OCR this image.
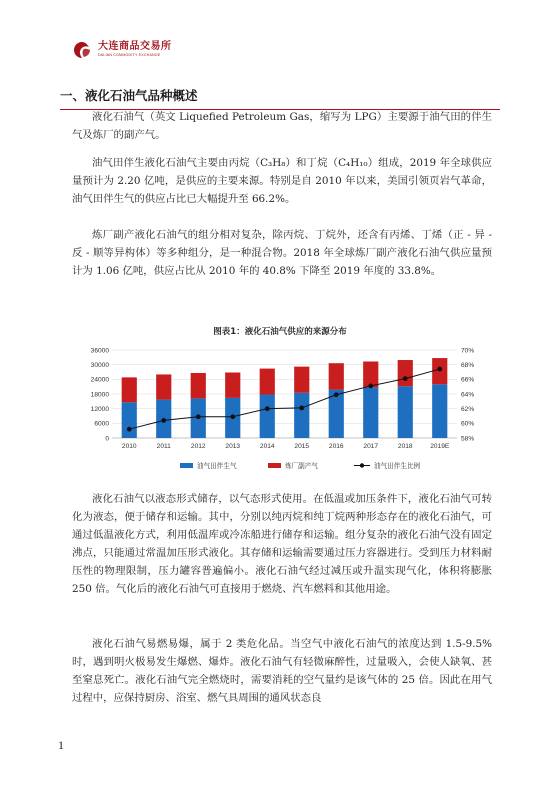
大连商品交易所
DALIAN COMMODITY EXCHANGE
一、液化石油气品种概述

液化石油气（英文 Liquefied Petroleum Gas，缩写为 LPG）主要源于油气田的伴生气及炼厂的副产气。

油气田伴生液化石油气主要由丙烷（C₃H₈）和丁烷（C₄H₁₀）组成，2019 年全球供应量预计为 2.20 亿吨，是供应的主要来源。特别是自 2010 年以来，美国引领页岩气革命，油气田伴生气的供应占比已大幅提升至 66.2%。

炼厂副产液化石油气的组分相对复杂，除丙烷、丁烷外，还含有丙烯、丁烯（正 - 异 - 反 - 顺等异构体）等多种组分，是一种混合物。2018 年全球炼厂副产液化石油气供应量预计为 1.06 亿吨，供应占比从 2010 年的 40.8% 下降至 2019 年度的 33.8%。

图表1：液化石油气供应的来源分布
36000
30000
24000
18000
12000
6000
0
70%
68%
66%
64%
62%
60%
58%
2010	2011	2012	2013	2014	2015	2016	2017	2018	2019E
油气田伴生气	炼厂副产气	油气田伴生比例

液化石油气以液态形式储存，以气态形式使用。在低温或加压条件下，液化石油气可转化为液态，便于储存和运输。其中，分别以纯丙烷和纯丁烷两种形态存在的液化石油气，可通过低温液化方式，利用低温库或冷冻船进行储存和运输。组分复杂的液化石油气没有固定沸点，只能通过常温加压形式液化。其存储和运输需要通过压力容器进行。受到压力材料耐压性的物理限制，压力罐容普遍偏小。液化石油气经过减压或升温实现气化，体积将膨胀 250 倍。气化后的液化石油气可直接用于燃烧、汽车燃料和其他用途。

液化石油气易燃易爆，属于 2 类危化品。当空气中液化石油气的浓度达到 1.5-9.5% 时，遇到明火极易发生爆燃、爆炸。液化石油气有轻微麻醉性，过量吸入，会使人缺氧、甚至窒息死亡。液化石油气完全燃烧时，需要消耗的空气量约是该气体的 25 倍。因此在用气过程中，应保持厨房、浴室、燃气具周围的通风状态良

1
